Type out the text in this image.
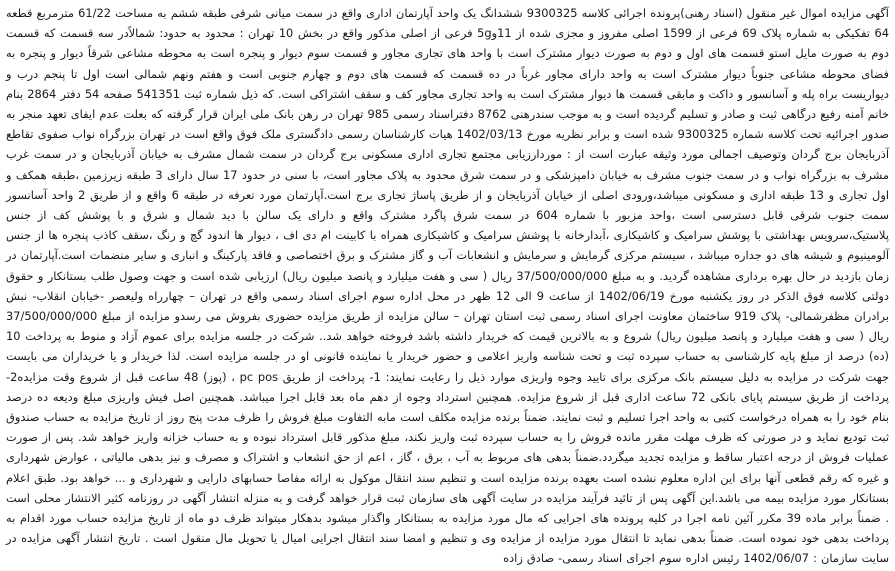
آگهی مزایده اموال غیر منقول (اسناد رهنی)پرونده اجرائی کلاسه 9300325 ششدانگ یک واحد آپارتمان اداری واقع در سمت میانی شرقی طبقه ششم به مساحت 61/22 مترمربع قطعه 64 تفکیکی به شماره پلاک 69 فرعی از 1599 اصلی مفروز و مجزی شده از 11و5g فرعی از اصلی مذکور واقع در بخش 10 تهران : محدود به حدود: شمالاًدر سه قسمت که قسمت دوم به صورت مایل استو قسمت های اول و دوم به صورت دیوار مشترک است با واحد های تجاری مجاور و قسمت سوم دیوار و پنجره است به محوطه مشاعی شرقاً دیوار و پنجره به فضای محوطه مشاعی جنوباً دیوار مشترک است به واحد دارای مجاور غرباً در ده قسمت که قسمت های دوم و چهارم جنوبی است و هفتم ونهم شمالی است اول تا پنجم درب و دیواریست براه پله و آسانسور و داکت و مابقی قسمت ها دیوار مشترک است به واحد تجاری مجاور کف و سقف اشتراکی است. که ذیل شماره ثبت 541351 صفحه 54 دفتر 2864 بنام خانم آمنه رفیع درگاهی ثبت و صادر و تسلیم گردیده است و به موجب سندرهنی 8762 دفتراسناد رسمی 985 تهران در رهن بانک ملی ایران قرار گرفته که بعلت عدم ایفای تعهد منجر به صدور اجرائیه تحت کلاسه شماره 9300325 شده است و برابر نظریه مورخ 1402/03/13 هیات کارشناسان رسمی دادگستری ملک فوق واقع است در تهران بزرگراه نواب صفوی تقاطع آذربایجان برج گردان وتوصیف اجمالی مورد وثیقه عبارت است از : موردارزیابی مجتمع تجاری اداری مسکونی برج گردان در سمت شمال مشرف به خیابان آذربایجان و در سمت غرب مشرف به بزرگراه نواب و در سمت جنوب مشرف به خیابان دامپزشکی و در سمت شرق محدود به پلاک مجاور است، با سنی در حدود 17 سال دارای 3 طبقه زیرزمین ،طبقه همکف و اول تجاری و 13 طبقه اداری و مسکونی میباشد،ورودی اصلی از خیابان آذربایجان و از طریق پاساژ تجاری برج است.آپارتمان مورد تعرفه در طبقه 6 واقع و از طریق 2 واحد آسانسور سمت جنوب شرقی قابل دسترسی است ،واحد مزبور با شماره 604 در سمت شرق پاگرد مشترک واقع و دارای یک سالن با دید شمال و شرق و با پوشش کف از جنس پلاستیک،سرویس بهداشتی با پوشش سرامیک و کاشیکاری ،آبدارخانه با پوشش سرامیک و کاشیکاری همراه با کابینت ام دی اف ، دیوار ها اندود گچ و رنگ ،سقف کاذب پنجره ها از جنس آلومینیوم و شیشه های دو جداره میباشد ، سیستم مرکزی گرمایش و سرمایش و انشعابات آب و گاز مشترک و برق اختصاصی و فاقد پارکینگ و انباری و سایر منضمات است.آپارتمان در زمان بازدید در حال بهره برداری مشاهده گردید. و به مبلغ 37/500/000/000 ریال ( سی و هفت میلیارد و پانصد میلیون ریال) ارزیابی شده است و جهت وصول طلب بستانکار و حقوق دولتی کلاسه فوق الذکر در روز یکشنبه مورخ 1402/06/19 از ساعت 9 الی 12 ظهر در محل اداره سوم اجرای اسناد رسمی واقع در تهران – چهارراه ولیعصر -خیابان انقلاب- نبش برادران مظفرشمالی- پلاک 919 ساختمان معاونت اجرای اسناد رسمی ثبت استان تهران – سالن مزایده از طریق مزایده حضوری بفروش می رسدو مزایده از مبلغ 37/500/000/000 ریال ( سی و هفت میلیارد و پانصد میلیون ریال) شروع و به بالاترین قیمت که خریدار داشته باشد فروخته خواهد شد.. شرکت در جلسه مزایده برای عموم آزاد و منوط به پرداخت 10 (ده) درصد از مبلغ پایه کارشناسی به حساب سپرده ثبت و تحت شناسه واریز اعلامی و حضور خریدار یا نماینده قانونی او در جلسه مزایده است. لذا خریدار و یا خریداران می بایست جهت شرکت در مزایده به دلیل سیستم بانک مرکزی برای تایید وجوه واریزی موارد ذیل را رعایت نمایند: 1- پرداخت از طریق pc pos ، (پوز) 48 ساعت قبل از شروع وقت مزایده2- پرداخت از طریق سیستم پایای بانکی 72 ساعت اداری قبل از شروع مزایده. همچنین استرداد وجوه از دهم ماه بعد قابل اجرا میباشد. همچنین اصل فیش واریزی مبلغ ودیعه ده درصد بنام خود را به همراه درخواست کتبی به واحد اجرا تسلیم و ثبت نمایند. ضمناً برنده مزایده مکلف است مابه التفاوت مبلغ فروش را ظرف مدت پنج روز از تاریخ مزایده به حساب صندوق ثبت تودیع نماید و در صورتی که ظرف مهلت مقرر مانده فروش را به حساب سپرده ثبت واریز نکند، مبلغ مذکور قابل استرداد نبوده و به حساب خزانه واریز خواهد شد. پس از صورت عملیات فروش از درجه اعتبار ساقط و مزایده تجدید میگردد.ضمناً بدهی های مربوط به آب ، برق ، گاز ، اعم از حق انشعاب و اشتراک و مصرف و نیز بدهی مالیاتی ، عوارض شهرداری و غیره که رقم قطعی آنها برای این اداره معلوم نشده است بعهده برنده مزایده است و تنظیم سند انتقال موکول به ارائه مفاصا حسابهای دارایی و شهرداری و ... خواهد بود. طبق اعلام بستانکار مورد مزایده بیمه می باشد.این آگهی پس از تائید فرآیند مزایده در سایت آگهی های سازمان ثبت قرار خواهد گرفت و به منزله انتشار آگهی در روزنامه کثیر الانتشار محلی است . ضمناً برابر ماده 39 مکرر آئین نامه اجرا در کلیه پرونده های اجرایی که مال مورد مزایده به بستانکار واگذار میشود بدهکار میتواند ظرف دو ماه از تاریخ مزایده حساب مورد اقدام به پرداخت بدهی خود نموده است. ضمناً بدهی نماید تا انتقال مورد مزایده از مزایده وی و تنظیم و امضا سند انتقال اجرایی امیال یا تحویل مال منقول است . تاریخ انتشار آگهی مزایده در سایت سازمان : 1402/06/07 رئیس اداره سوم اجرای اسناد رسمی- صادق زاده
